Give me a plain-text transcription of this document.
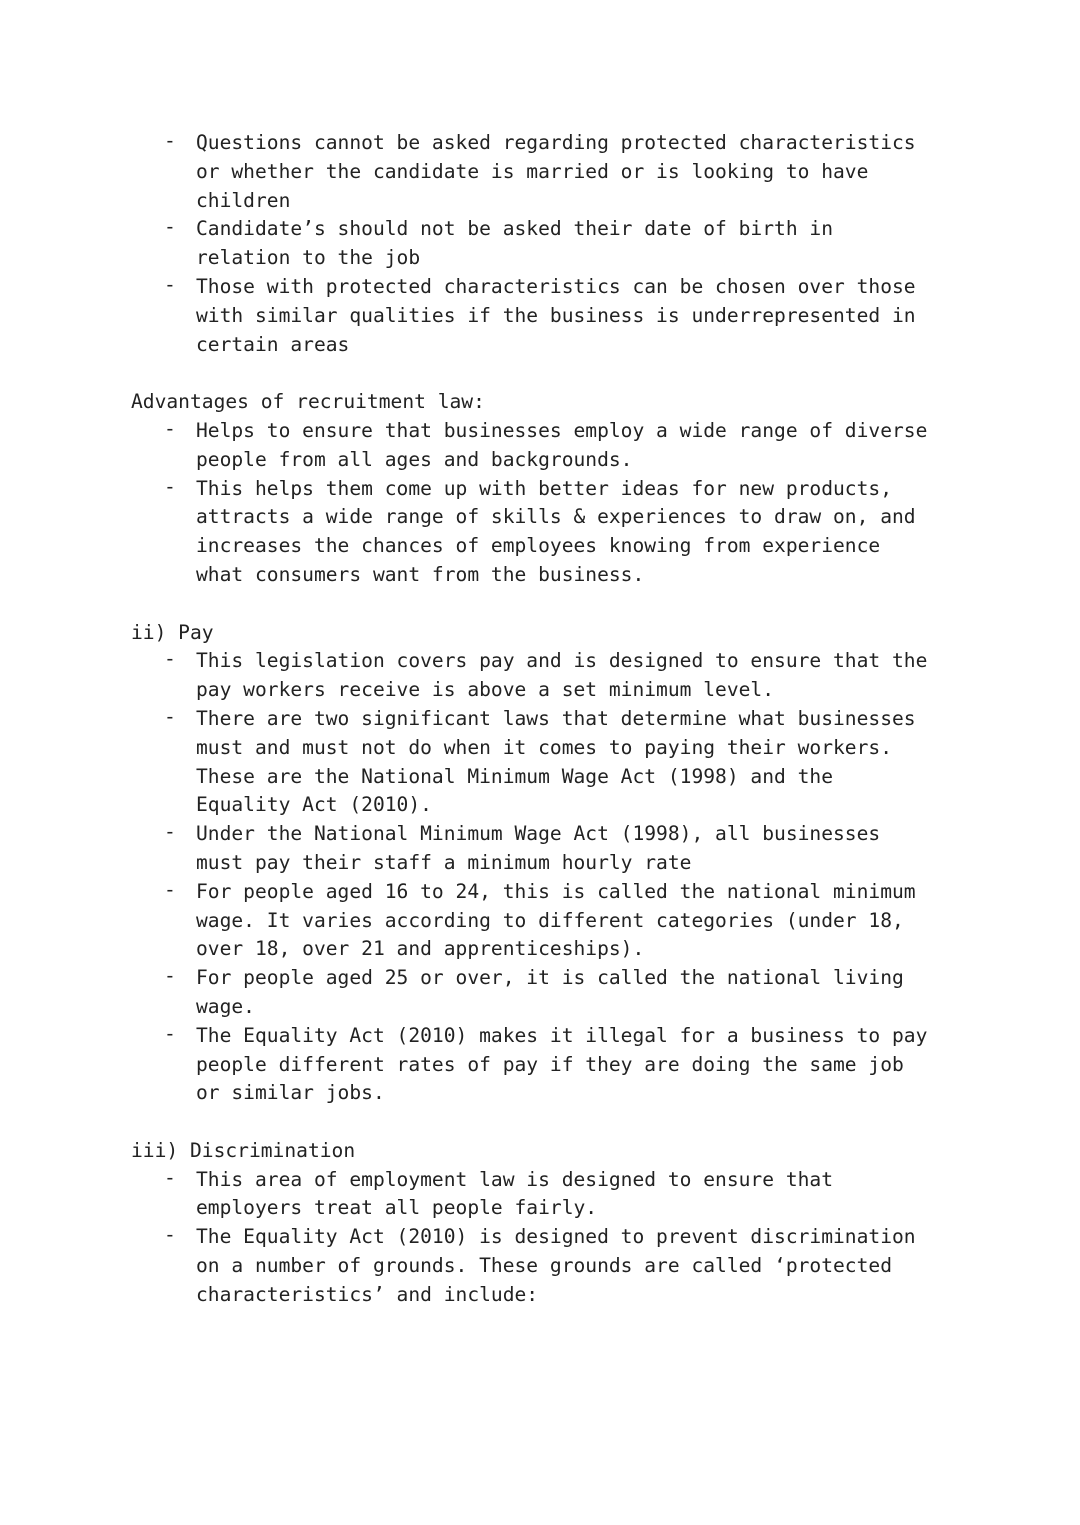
- Questions cannot be asked regarding protected characteristics
or whether the candidate is married or is looking to have
children
- Candidate’s should not be asked their date of birth in
relation to the job
- Those with protected characteristics can be chosen over those
with similar qualities if the business is underrepresented in
certain areas
Advantages of recruitment law:
- Helps to ensure that businesses employ a wide range of diverse
people from all ages and backgrounds.
- This helps them come up with better ideas for new products,
attracts a wide range of skills & experiences to draw on, and
increases the chances of employees knowing from experience
what consumers want from the business.
ii) Pay
- This legislation covers pay and is designed to ensure that the
pay workers receive is above a set minimum level.
- There are two significant laws that determine what businesses
must and must not do when it comes to paying their workers.
These are the National Minimum Wage Act (1998) and the
Equality Act (2010).
- Under the National Minimum Wage Act (1998), all businesses
must pay their staff a minimum hourly rate
- For people aged 16 to 24, this is called the national minimum
wage. It varies according to different categories (under 18,
over 18, over 21 and apprenticeships).
- For people aged 25 or over, it is called the national living
wage.
- The Equality Act (2010) makes it illegal for a business to pay
people different rates of pay if they are doing the same job
or similar jobs.
iii) Discrimination
- This area of employment law is designed to ensure that
employers treat all people fairly.
- The Equality Act (2010) is designed to prevent discrimination
on a number of grounds. These grounds are called ‘protected
characteristics’ and include:
